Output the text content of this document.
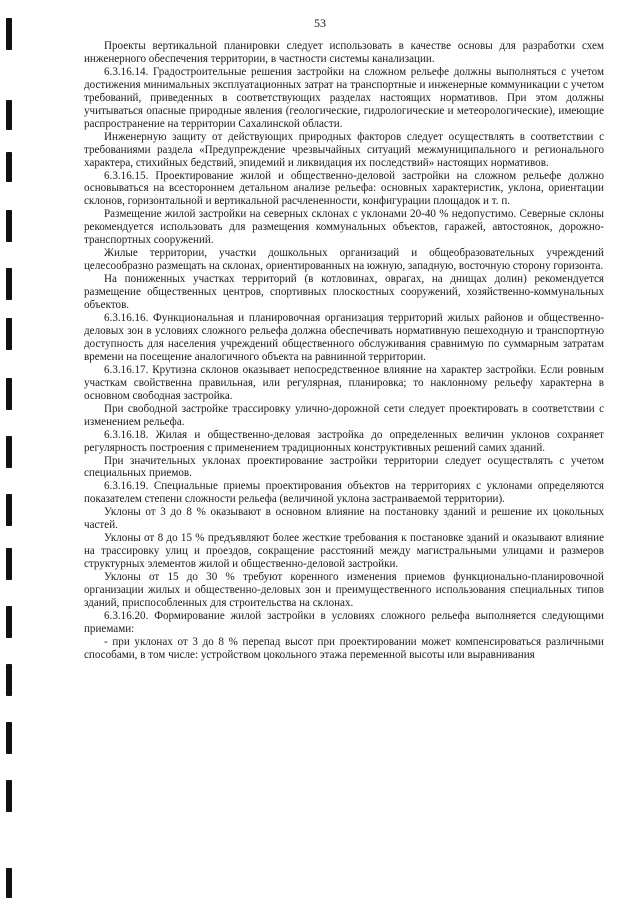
53

Проекты вертикальной планировки следует использовать в качестве основы для разработки схем инженерного обеспечения территории, в частности системы канализации.

6.3.16.14. Градостроительные решения застройки на сложном рельефе должны выполняться с учетом достижения минимальных эксплуатационных затрат на транспортные и инженерные коммуникации с учетом требований, приведенных в соответствующих разделах настоящих нормативов. При этом должны учитываться опасные природные явления (геологические, гидрологические и метеорологические), имеющие распространение на территории Сахалинской области.

Инженерную защиту от действующих природных факторов следует осуществлять в соответствии с требованиями раздела «Предупреждение чрезвычайных ситуаций межмуниципального и регионального характера, стихийных бедствий, эпидемий и ликвидация их последствий» настоящих нормативов.

6.3.16.15. Проектирование жилой и общественно-деловой застройки на сложном рельефе должно основываться на всестороннем детальном анализе рельефа: основных характеристик, уклона, ориентации склонов, горизонтальной и вертикальной расчлененности, конфигурации площадок и т. п.

Размещение жилой застройки на северных склонах с уклонами 20-40 % недопустимо. Северные склоны рекомендуется использовать для размещения коммунальных объектов, гаражей, автостоянок, дорожно-транспортных сооружений.

Жилые территории, участки дошкольных организаций и общеобразовательных учреждений целесообразно размещать на склонах, ориентированных на южную, западную, восточную сторону горизонта.

На пониженных участках территорий (в котловинах, оврагах, на днищах долин) рекомендуется размещение общественных центров, спортивных плоскостных сооружений, хозяйственно-коммунальных объектов.

6.3.16.16. Функциональная и планировочная организация территорий жилых районов и общественно-деловых зон в условиях сложного рельефа должна обеспечивать нормативную пешеходную и транспортную доступность для населения учреждений общественного обслуживания сравнимую по суммарным затратам времени на посещение аналогичного объекта на равнинной территории.

6.3.16.17. Крутизна склонов оказывает непосредственное влияние на характер застройки. Если ровным участкам свойственна правильная, или регулярная, планировка; то наклонному рельефу характерна в основном свободная застройка.

При свободной застройке трассировку улично-дорожной сети следует проектировать в соответствии с изменением рельефа.

6.3.16.18. Жилая и общественно-деловая застройка до определенных величин уклонов сохраняет регулярность построения с применением традиционных конструктивных решений самих зданий.

При значительных уклонах проектирование застройки территории следует осуществлять с учетом специальных приемов.

6.3.16.19. Специальные приемы проектирования объектов на территориях с уклонами определяются показателем степени сложности рельефа (величиной уклона застраиваемой территории).

Уклоны от 3 до 8 % оказывают в основном влияние на постановку зданий и решение их цокольных частей.

Уклоны от 8 до 15 % предъявляют более жесткие требования к постановке зданий и оказывают влияние на трассировку улиц и проездов, сокращение расстояний между магистральными улицами и размеров структурных элементов жилой и общественно-деловой застройки.

Уклоны от 15 до 30 % требуют коренного изменения приемов функционально-планировочной организации жилых и общественно-деловых зон и преимущественного использования специальных типов зданий, приспособленных для строительства на склонах.

6.3.16.20. Формирование жилой застройки в условиях сложного рельефа выполняется следующими приемами:

- при уклонах от 3 до 8 % перепад высот при проектировании может компенсироваться различными способами, в том числе: устройством цокольного этажа переменной высоты или выравнивания
